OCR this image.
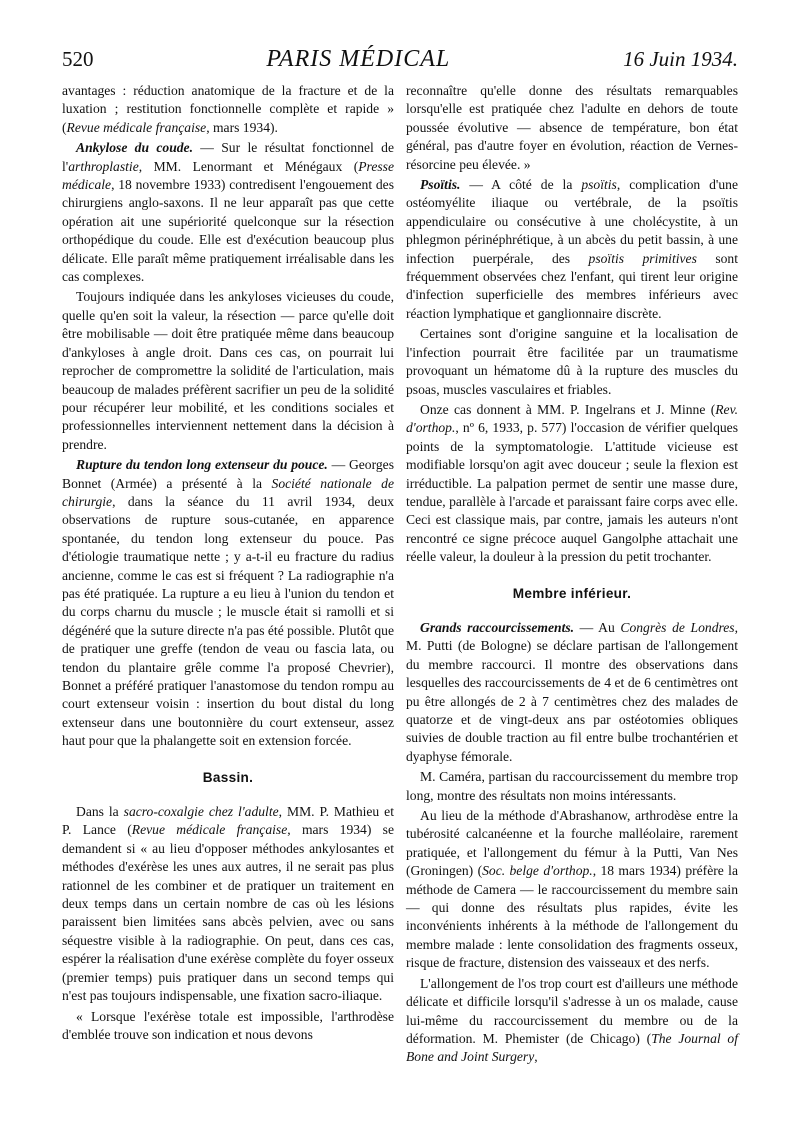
520	PARIS MÉDICAL	16 Juin 1934.

avantages : réduction anatomique de la fracture et de la luxation ; restitution fonctionnelle complète et rapide » (Revue médicale française, mars 1934).

Ankylose du coude. — Sur le résultat fonctionnel de l'arthroplastie, MM. Lenormant et Ménégaux (Presse médicale, 18 novembre 1933) contredisent l'engouement des chirurgiens anglo-saxons. Il ne leur apparaît pas que cette opération ait une supériorité quelconque sur la résection orthopédique du coude. Elle est d'exécution beaucoup plus délicate. Elle paraît même pratiquement irréalisable dans les cas complexes.

Toujours indiquée dans les ankyloses vicieuses du coude, quelle qu'en soit la valeur, la résection — parce qu'elle doit être mobilisable — doit être pratiquée même dans beaucoup d'ankyloses à angle droit. Dans ces cas, on pourrait lui reprocher de compromettre la solidité de l'articulation, mais beaucoup de malades préfèrent sacrifier un peu de la solidité pour récupérer leur mobilité, et les conditions sociales et professionnelles interviennent nettement dans la décision à prendre.

Rupture du tendon long extenseur du pouce. — Georges Bonnet (Armée) a présenté à la Société nationale de chirurgie, dans la séance du 11 avril 1934, deux observations de rupture sous-cutanée, en apparence spontanée, du tendon long extenseur du pouce. Pas d'étiologie traumatique nette ; y a-t-il eu fracture du radius ancienne, comme le cas est si fréquent ? La radiographie n'a pas été pratiquée. La rupture a eu lieu à l'union du tendon et du corps charnu du muscle ; le muscle était si ramolli et si dégénéré que la suture directe n'a pas été possible. Plutôt que de pratiquer une greffe (tendon de veau ou fascia lata, ou tendon du plantaire grêle comme l'a proposé Chevrier), Bonnet a préféré pratiquer l'anastomose du tendon rompu au court extenseur voisin : insertion du bout distal du long extenseur dans une boutonnière du court extenseur, assez haut pour que la phalangette soit en extension forcée.

Bassin.

Dans la sacro-coxalgie chez l'adulte, MM. P. Mathieu et P. Lance (Revue médicale française, mars 1934) se demandent si « au lieu d'opposer méthodes ankylosantes et méthodes d'exérèse les unes aux autres, il ne serait pas plus rationnel de les combiner et de pratiquer un traitement en deux temps dans un certain nombre de cas où les lésions paraissent bien limitées sans abcès pelvien, avec ou sans séquestre visible à la radiographie. On peut, dans ces cas, espérer la réalisation d'une exérèse complète du foyer osseux (premier temps) puis pratiquer dans un second temps qui n'est pas toujours indispensable, une fixation sacro-iliaque.

« Lorsque l'exérèse totale est impossible, l'arthrodèse d'emblée trouve son indication et nous devons

reconnaître qu'elle donne des résultats remarquables lorsqu'elle est pratiquée chez l'adulte en dehors de toute poussée évolutive — absence de température, bon état général, pas d'autre foyer en évolution, réaction de Vernes-résorcine peu élevée. »

Psoïtis. — A côté de la psoïtis, complication d'une ostéomyélite iliaque ou vertébrale, de la psoïtis appendiculaire ou consécutive à une cholécystite, à un phlegmon périnéphrétique, à un abcès du petit bassin, à une infection puerpérale, des psoïtis primitives sont fréquemment observées chez l'enfant, qui tirent leur origine d'infection superficielle des membres inférieurs avec réaction lymphatique et ganglionnaire discrète.

Certaines sont d'origine sanguine et la localisation de l'infection pourrait être facilitée par un traumatisme provoquant un hématome dû à la rupture des muscles du psoas, muscles vasculaires et friables.

Onze cas donnent à MM. P. Ingelrans et J. Minne (Rev. d'orthop., nº 6, 1933, p. 577) l'occasion de vérifier quelques points de la symptomatologie. L'attitude vicieuse est modifiable lorsqu'on agit avec douceur ; seule la flexion est irréductible. La palpation permet de sentir une masse dure, tendue, parallèle à l'arcade et paraissant faire corps avec elle. Ceci est classique mais, par contre, jamais les auteurs n'ont rencontré ce signe précoce auquel Gangolphe attachait une réelle valeur, la douleur à la pression du petit trochanter.

Membre inférieur.

Grands raccourcissements. — Au Congrès de Londres, M. Putti (de Bologne) se déclare partisan de l'allongement du membre raccourci. Il montre des observations dans lesquelles des raccourcissements de 4 et de 6 centimètres ont pu être allongés de 2 à 7 centimètres chez des malades de quatorze et de vingt-deux ans par ostéotomies obliques suivies de double traction au fil entre bulbe trochantérien et dyaphyse fémorale.

M. Caméra, partisan du raccourcissement du membre trop long, montre des résultats non moins intéressants.

Au lieu de la méthode d'Abrashanow, arthrodèse entre la tubérosité calcanéenne et la fourche malléolaire, rarement pratiquée, et l'allongement du fémur à la Putti, Van Nes (Groningen) (Soc. belge d'orthop., 18 mars 1934) préfère la méthode de Camera — le raccourcissement du membre sain — qui donne des résultats plus rapides, évite les inconvénients inhérents à la méthode de l'allongement du membre malade : lente consolidation des fragments osseux, risque de fracture, distension des vaisseaux et des nerfs.

L'allongement de l'os trop court est d'ailleurs une méthode délicate et difficile lorsqu'il s'adresse à un os malade, cause lui-même du raccourcissement du membre ou de la déformation. M. Phemister (de Chicago) (The Journal of Bone and Joint Surgery,
